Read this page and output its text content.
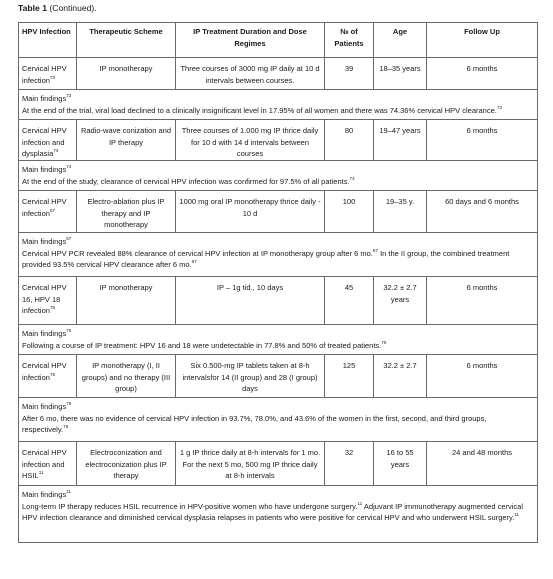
Table 1 (Continued).
HPV Infection	Therapeutic Scheme	IP Treatment Duration and Dose Regimes	№ of Patients	Age	Follow Up
Cervical HPV infection$^{73}$	IP monotherapy	Three courses of 3000 mg IP daily at 10 d intervals between courses.	39	18–35 years	6 months

Main findings$^{73}$
At the end of the trial, viral load declined to a clinically insignificant level in 17.95% of all women and there was 74.36% cervical HPV clearance.$^{73}$
Cervical HPV infection and dysplasia$^{74}$	Radio-wave conization and IP therapy	Three courses of 1.000 mg IP thrice daily for 10 d with 14 d intervals between courses	80	19–47 years	6 months

Main findings$^{74}$
At the end of the study, clearance of cervical HPV infection was confirmed for 97.5% of all patients.$^{74}$
Cervical HPV infection$^{67}$	Electro-ablation plus IP therapy and IP monotherapy	1000 mg oral IP monotherapy thrice daily - 10 d	100	19–35 y.	60 days and 6 months

Main findings$^{67}$
Cervical HPV PCR revealed 88% clearance of cervical HPV infection at IP monotherapy group after 6 mo.$^{67}$ In the II group, the combined treatment provided 93.5% cervical HPV clearance after 6 mo.$^{67}$
Cervical HPV 16, HPV 18 infection$^{75}$	IP monotherapy	IP – 1g tid., 10 days	45	32.2 ± 2.7 years	6 months

Main findings$^{75}$
Following a course of IP treatment: HPV 16 and 18 were undetectable in 77.8% and 50% of treated patients.$^{75}$
Cervical HPV infection$^{76}$	IP monotherapy (I, II groups) and no therapy (III group)	Six 0.500-mg IP tablets taken at 8-h intervalsfor 14 (II group) and 28 (I group) days	125	32.2 ± 2.7	6 months

Main findings$^{76}$
After 6 mo, there was no evidence of cervical HPV infection in 93.7%, 78.0%, and 43.6% of the women in the first, second, and third groups, respectively.$^{76}$
Cervical HPV infection and HSIL$^{11}$	Electroconization and electroconization plus IP therapy	1 g IP thrice daily at 8-h intervals for 1 mo. For the next 5 mo, 500 mg IP thrice daily at 8-h intervals	32	16 to 55 years	24 and 48 months

Main findings$^{11}$
Long-term IP therapy reduces HSIL recurrence in HPV-positive women who have undergone surgery.$^{11}$ Adjuvant IP immunotherapy augmented cervical HPV infection clearance and diminished cervical dysplasia relapses in patients who were positive for cervical HPV and who underwent HSIL surgery.$^{11}$
